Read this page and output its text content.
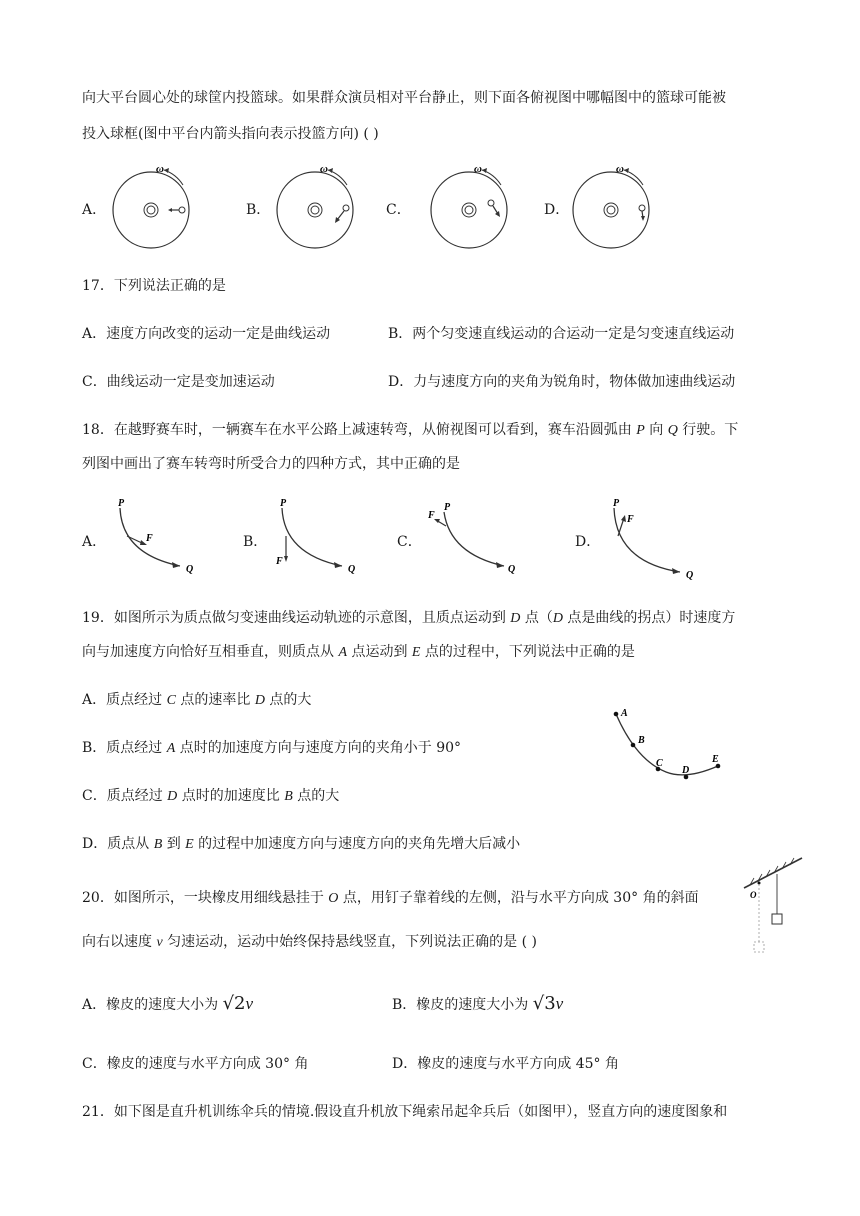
向大平台圆心处的球筐内投篮球。如果群众演员相对平台静止，则下面各俯视图中哪幅图中的篮球可能被
投入球框(图中平台内箭头指向表示投篮方向) ( )
A．	B．	C．	D．
ω	ω	ω	ω
17．下列说法正确的是
A．速度方向改变的运动一定是曲线运动	B．两个匀变速直线运动的合运动一定是匀变速直线运动
C．曲线运动一定是变加速运动	D．力与速度方向的夹角为锐角时，物体做加速曲线运动
18．在越野赛车时，一辆赛车在水平公路上减速转弯，从俯视图可以看到，赛车沿圆弧由 P 向 Q 行驶。下
列图中画出了赛车转弯时所受合力的四种方式，其中正确的是
A．	B．	C．	D．
P
F
Q
P
F
Q
P
F
Q
P
F
Q
19．如图所示为质点做匀变速曲线运动轨迹的示意图，且质点运动到 D 点（D 点是曲线的拐点）时速度方
向与加速度方向恰好互相垂直，则质点从 A 点运动到 E 点的过程中，下列说法中正确的是
A．质点经过 C 点的速率比 D 点的大
B．质点经过 A 点时的加速度方向与速度方向的夹角小于 90°
C．质点经过 D 点时的加速度比 B 点的大
D．质点从 B 到 E 的过程中加速度方向与速度方向的夹角先增大后减小
A
B
C
D
E
20．如图所示，一块橡皮用细线悬挂于 O 点，用钉子靠着线的左侧，沿与水平方向成 30° 角的斜面
向右以速度 v 匀速运动，运动中始终保持悬线竖直，下列说法正确的是 ( )
O
A．橡皮的速度大小为 √2v	B．橡皮的速度大小为 √3v
C．橡皮的速度与水平方向成 30° 角	D．橡皮的速度与水平方向成 45° 角
21．如下图是直升机训练伞兵的情境.假设直升机放下绳索吊起伞兵后（如图甲），竖直方向的速度图象和
